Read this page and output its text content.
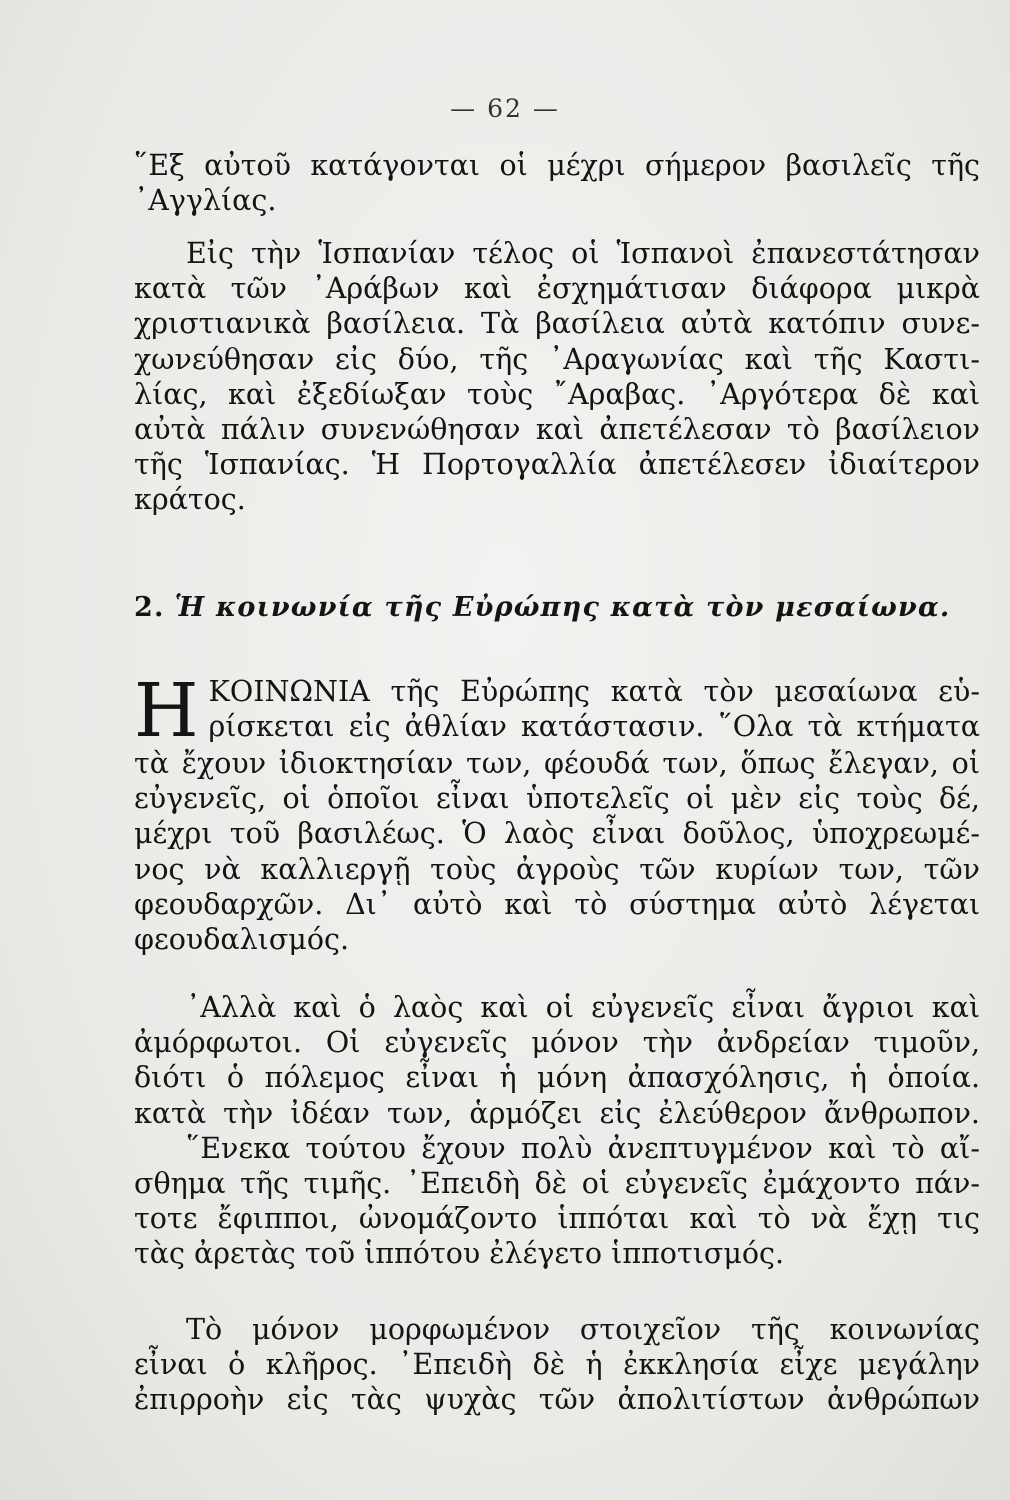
— 62 —
῞Εξ αὐτοῦ κατάγονται οἱ μέχρι σήμερον βασιλεῖς τῆς
᾿Αγγλίας.
Εἰς τὴν Ἱσπανίαν τέλος οἱ Ἱσπανοὶ ἐπανεστάτησαν
κατὰ τῶν ᾿Αράβων καὶ ἐσχημάτισαν διάφορα μικρὰ
χριστιανικὰ βασίλεια. Τὰ βασίλεια αὐτὰ κατόπιν συνε-
χωνεύθησαν εἰς δύο, τῆς ᾿Αραγωνίας καὶ τῆς Καστι-
λίας, καὶ ἐξεδίωξαν τοὺς ῎Αραβας. ᾿Αργότερα δὲ καὶ
αὐτὰ πάλιν συνενώθησαν καὶ ἀπετέλεσαν τὸ βασίλειον
τῆς Ἱσπανίας. Ἡ Πορτογαλλία ἀπετέλεσεν ἰδιαίτερον
κράτος.
2. Ἡ κοινωνία τῆς Εὐρώπης κατὰ τὸν μεσαίωνα.
Η ΚΟΙΝΩΝΙΑ τῆς Εὐρώπης κατὰ τὸν μεσαίωνα εὑ-
ρίσκεται εἰς ἀθλίαν κατάστασιν. ῞Ολα τὰ κτήματα
τὰ ἔχουν ἰδιοκτησίαν των, φέουδά των, ὅπως ἔλεγαν, οἱ
εὐγενεῖς, οἱ ὁποῖοι εἶναι ὑποτελεῖς οἱ μὲν εἰς τοὺς δέ,
μέχρι τοῦ βασιλέως. Ὁ λαὸς εἶναι δοῦλος, ὑποχρεωμέ-
νος νὰ καλλιεργῇ τοὺς ἀγροὺς τῶν κυρίων των, τῶν
φεουδαρχῶν. Δι᾿ αὐτὸ καὶ τὸ σύστημα αὐτὸ λέγεται
φεουδαλισμός.
᾿Αλλὰ καὶ ὁ λαὸς καὶ οἱ εὐγενεῖς εἶναι ἄγριοι καὶ
ἀμόρφωτοι. Οἱ εὐγενεῖς μόνον τὴν ἀνδρείαν τιμοῦν,
διότι ὁ πόλεμος εἶναι ἡ μόνη ἀπασχόλησις, ἡ ὁποία.
κατὰ τὴν ἰδέαν των, ἁρμόζει εἰς ἐλεύθερον ἄνθρωπον.
῞Ενεκα τούτου ἔχουν πολὺ ἀνεπτυγμένον καὶ τὸ αἴ-
σθημα τῆς τιμῆς. ᾿Επειδὴ δὲ οἱ εὐγενεῖς ἐμάχοντο πάν-
τοτε ἔφιπποι, ὠνομάζοντο ἱππόται καὶ τὸ νὰ ἔχῃ τις
τὰς ἀρετὰς τοῦ ἱππότου ἐλέγετο ἱπποτισμός.
Τὸ μόνον μορφωμένον στοιχεῖον τῆς κοινωνίας
εἶναι ὁ κλῆρος. ᾿Επειδὴ δὲ ἡ ἐκκλησία εἶχε μεγάλην
ἐπιρροὴν εἰς τὰς ψυχὰς τῶν ἀπολιτίστων ἀνθρώπων
